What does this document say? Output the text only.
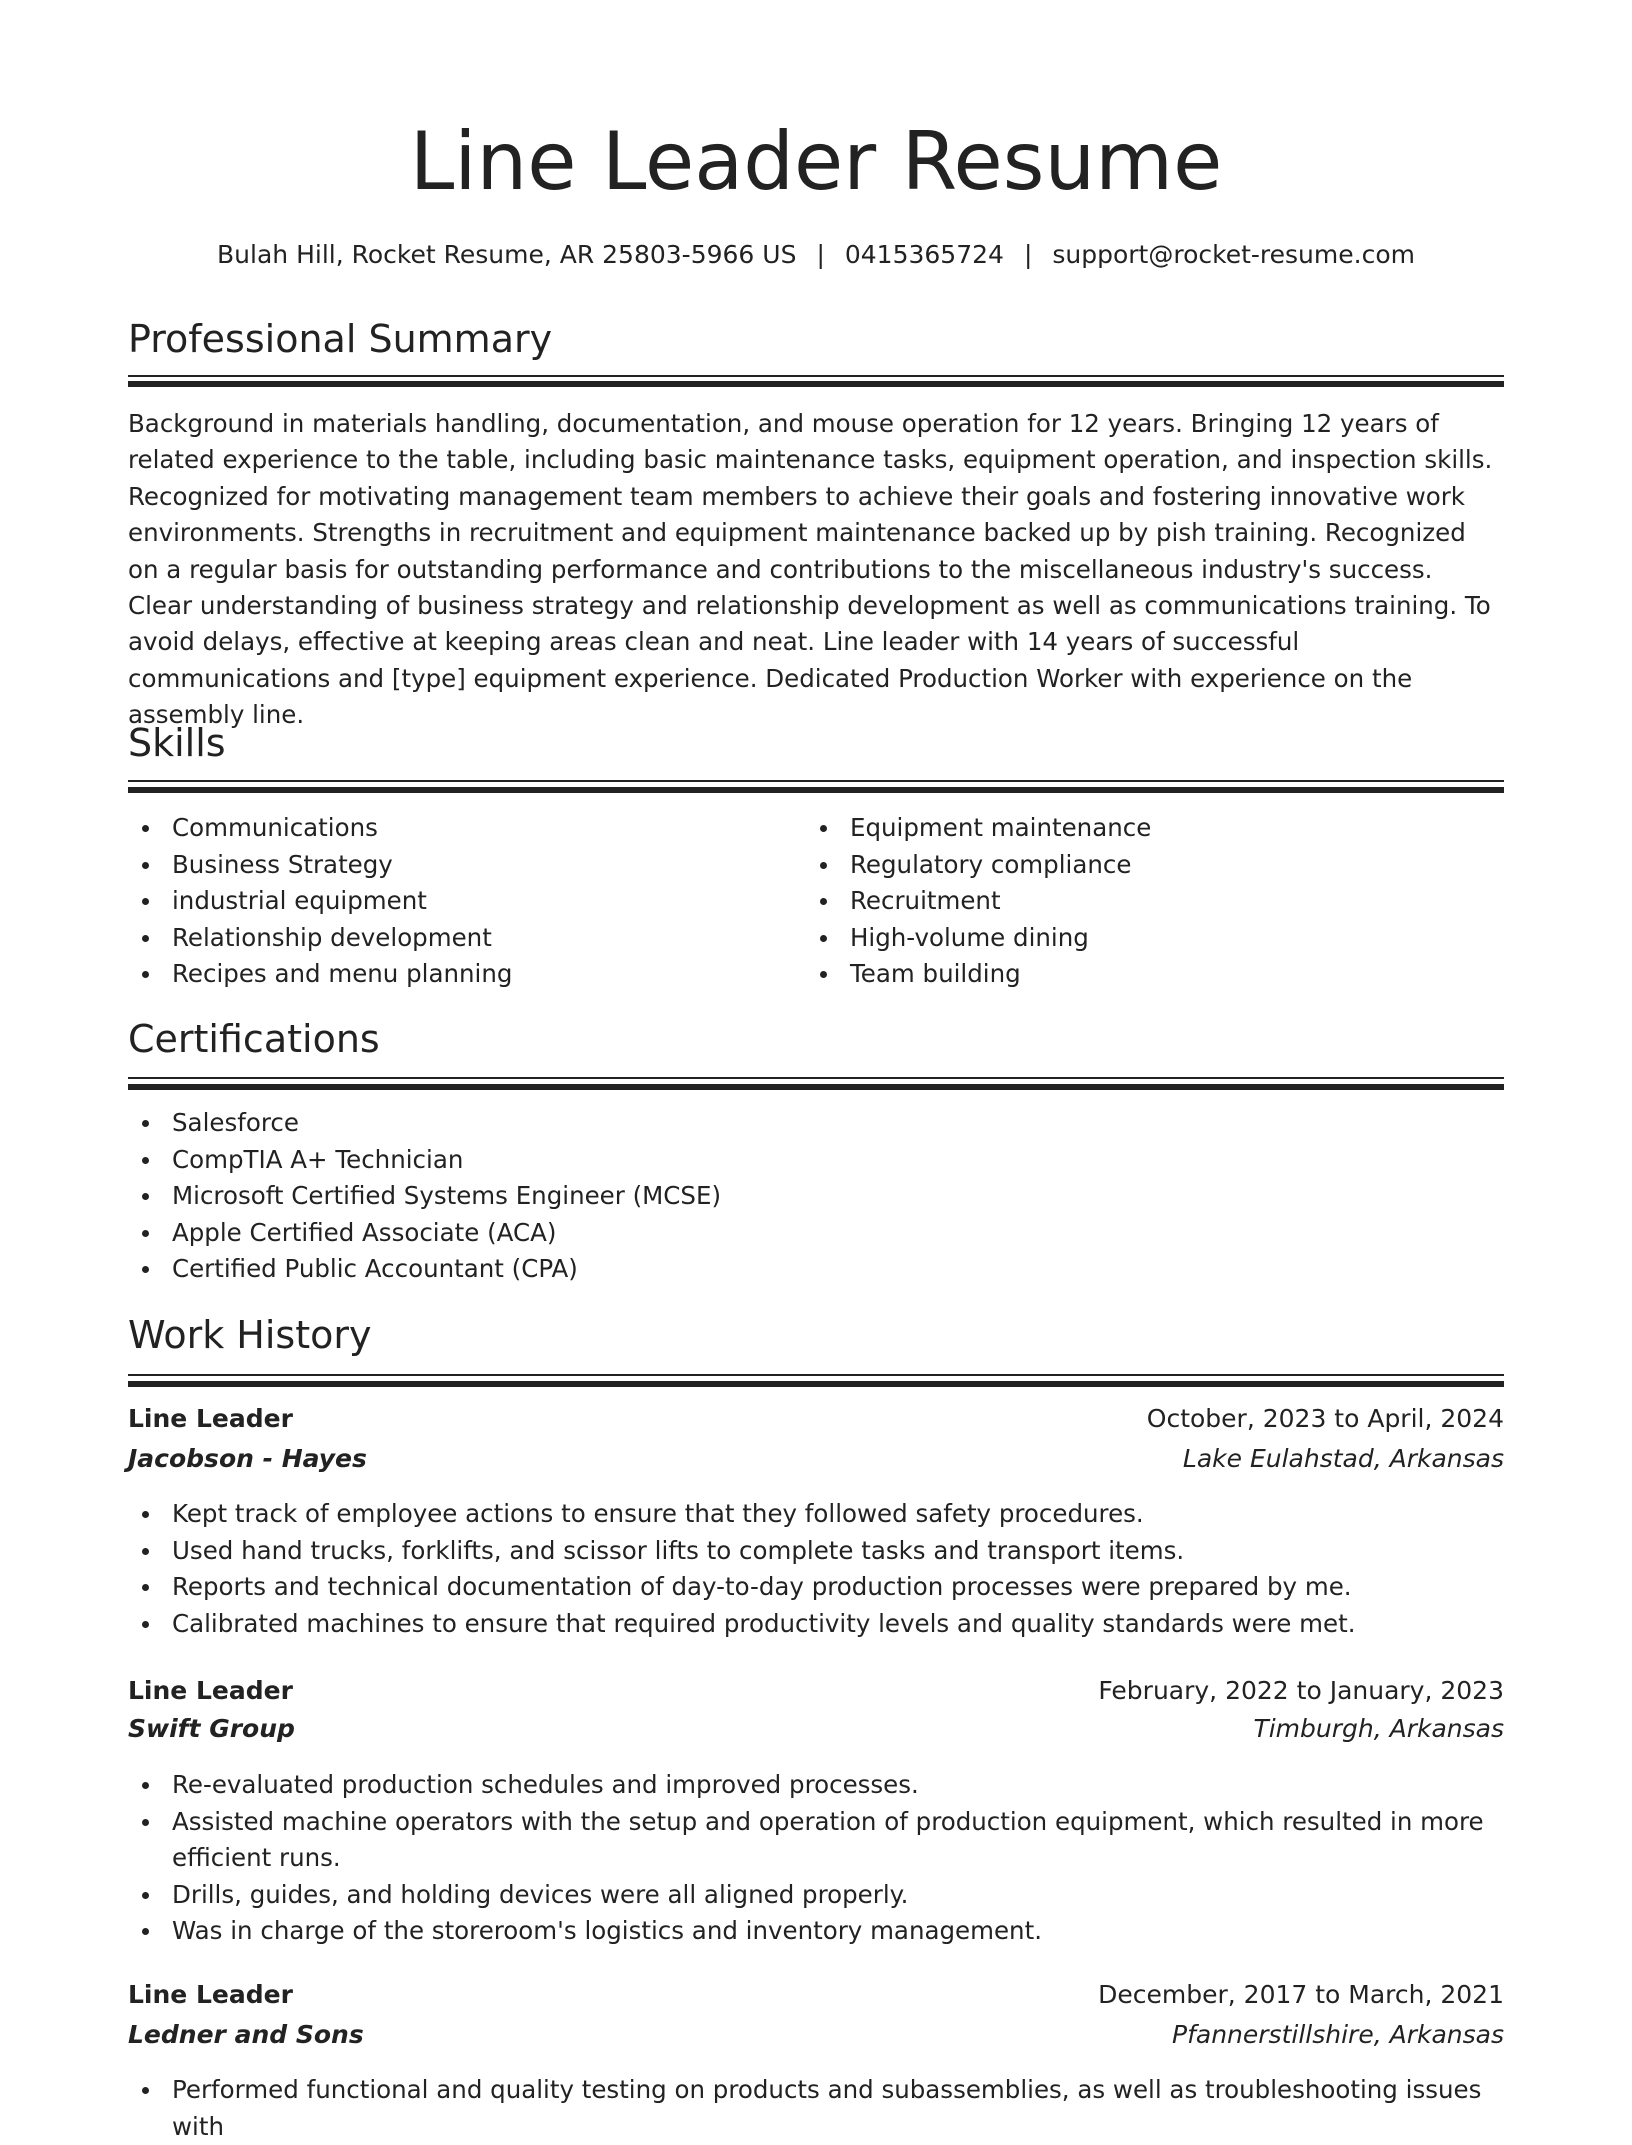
Line Leader Resume
Bulah Hill, Rocket Resume, AR 25803-5966 US | 0415365724 | support@rocket-resume.com
Professional Summary

Background in materials handling, documentation, and mouse operation for 12 years. Bringing 12 years of related experience to the table, including basic maintenance tasks, equipment operation, and inspection skills. Recognized for motivating management team members to achieve their goals and fostering innovative work environments. Strengths in recruitment and equipment maintenance backed up by pish training. Recognized on a regular basis for outstanding performance and contributions to the miscellaneous industry's success. Clear understanding of business strategy and relationship development as well as communications training. To avoid delays, effective at keeping areas clean and neat. Line leader with 14 years of successful communications and [type] equipment experience. Dedicated Production Worker with experience on the assembly line.

Skills
Communications
Business Strategy
industrial equipment
Relationship development
Recipes and menu planning
Equipment maintenance
Regulatory compliance
Recruitment
High-volume dining
Team building
Certifications
Salesforce
CompTIA A+ Technician
Microsoft Certified Systems Engineer (MCSE)
Apple Certified Associate (ACA)
Certified Public Accountant (CPA)
Work History
Line Leader	October, 2023 to April, 2024
Jacobson - Hayes	Lake Eulahstad, Arkansas
Kept track of employee actions to ensure that they followed safety procedures.
Used hand trucks, forklifts, and scissor lifts to complete tasks and transport items.
Reports and technical documentation of day-to-day production processes were prepared by me.
Calibrated machines to ensure that required productivity levels and quality standards were met.
Line Leader	February, 2022 to January, 2023
Swift Group	Timburgh, Arkansas
Re-evaluated production schedules and improved processes.
Assisted machine operators with the setup and operation of production equipment, which resulted in more efficient runs.
Drills, guides, and holding devices were all aligned properly.
Was in charge of the storeroom's logistics and inventory management.
Line Leader	December, 2017 to March, 2021
Ledner and Sons	Pfannerstillshire, Arkansas
Performed functional and quality testing on products and subassemblies, as well as troubleshooting issues with
